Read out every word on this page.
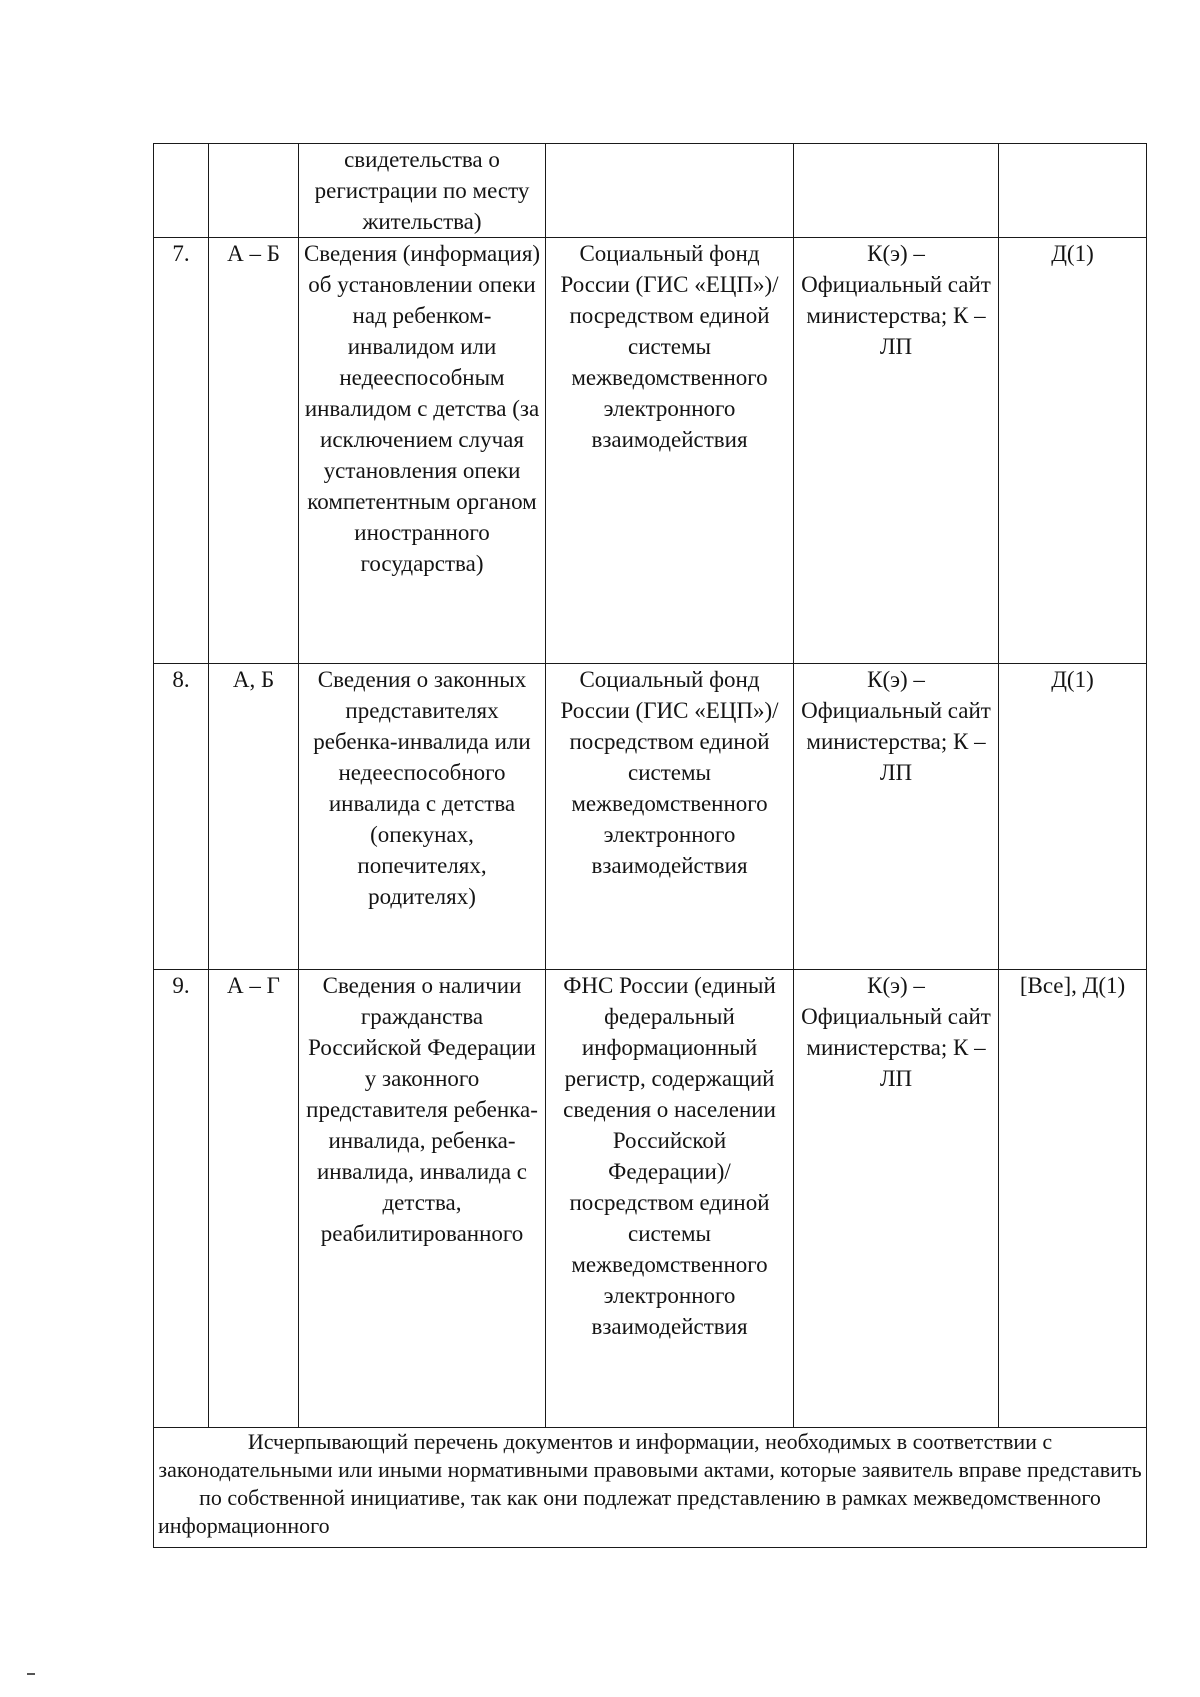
		свидетельства о регистрации по месту жительства)			

7.	А – Б	Сведения (информация) об установлении опеки над ребенком-инвалидом или недееспособным инвалидом с детства (за исключением случая установления опеки компетентным органом иностранного государства)	Социальный фонд России (ГИС «ЕЦП»)/посредством единой системы межведомственного электронного взаимодействия	К(э) – Официальный сайт министерства; К – ЛП	Д(1)
8.	А, Б	Сведения о законных представителях ребенка-инвалида или недееспособного инвалида с детства (опекунах, попечителях, родителях)	Социальный фонд России (ГИС «ЕЦП»)/посредством единой системы межведомственного электронного взаимодействия	К(э) – Официальный сайт министерства; К – ЛП	Д(1)
9.	А – Г	Сведения о наличии гражданства Российской Федерации у законного представителя ребенка-инвалида, ребенка-инвалида, инвалида с детства, реабилитированного	ФНС России (единый федеральный информационный регистр, содержащий сведения о населении Российской Федерации)/посредством единой системы межведомственного электронного взаимодействия	К(э) – Официальный сайт министерства; К – ЛП	[Все], Д(1)
Исчерпывающий перечень документов и информации, необходимых в соответствии с законодательными или иными нормативными правовыми актами, которые заявитель вправе представить по собственной инициативе, так как они подлежат представлению в рамках межведомственного информационного					
